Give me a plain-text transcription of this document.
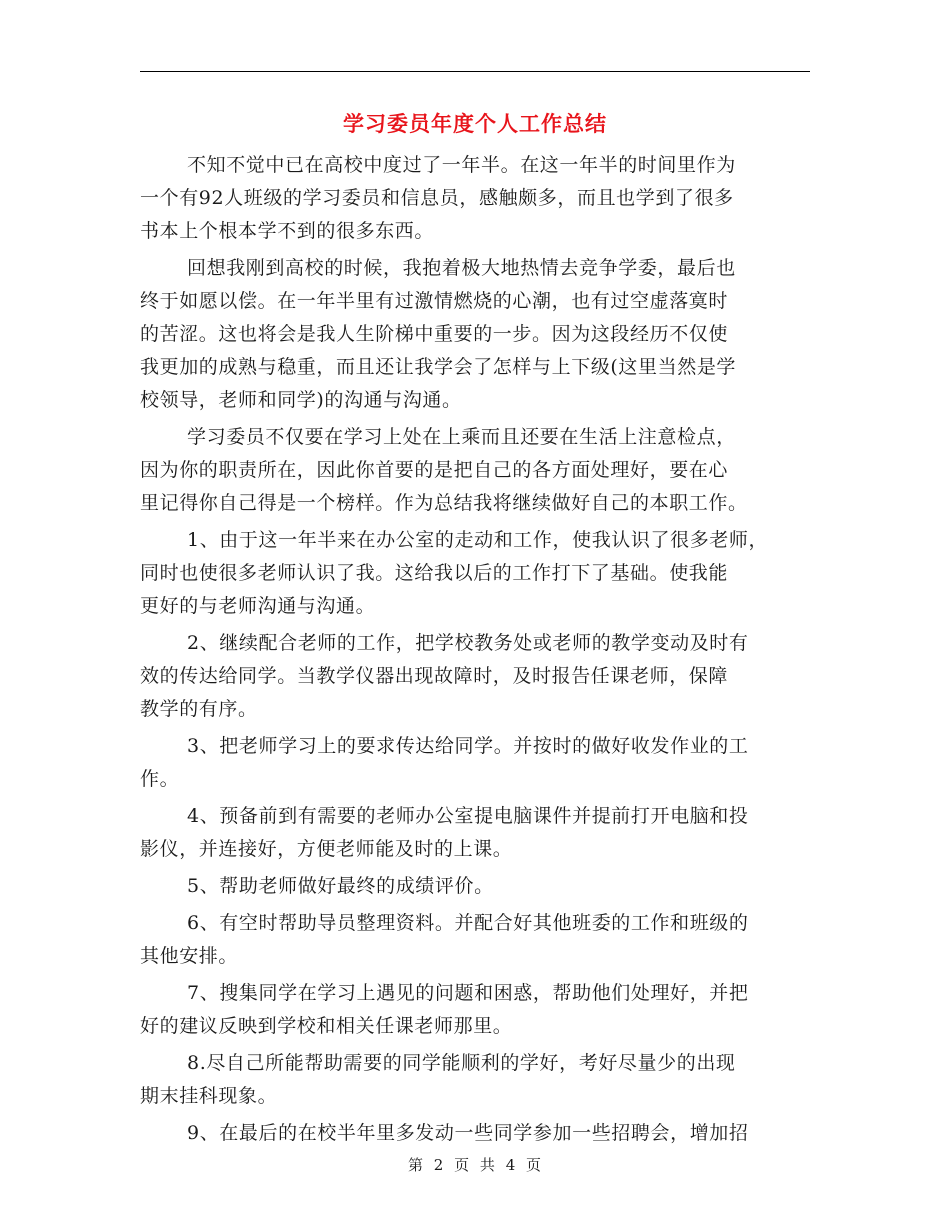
学习委员年度个人工作总结

不知不觉中已在高校中度过了一年半。在这一年半的时间里作为
一个有92人班级的学习委员和信息员，感触颇多，而且也学到了很多
书本上个根本学不到的很多东西。

回想我刚到高校的时候，我抱着极大地热情去竞争学委，最后也
终于如愿以偿。在一年半里有过激情燃烧的心潮，也有过空虚落寞时
的苦涩。这也将会是我人生阶梯中重要的一步。因为这段经历不仅使
我更加的成熟与稳重，而且还让我学会了怎样与上下级(这里当然是学
校领导，老师和同学)的沟通与沟通。

学习委员不仅要在学习上处在上乘而且还要在生活上注意检点，
因为你的职责所在，因此你首要的是把自己的各方面处理好，要在心
里记得你自己得是一个榜样。作为总结我将继续做好自己的本职工作。

1、由于这一年半来在办公室的走动和工作，使我认识了很多老师，
同时也使很多老师认识了我。这给我以后的工作打下了基础。使我能
更好的与老师沟通与沟通。

2、继续配合老师的工作，把学校教务处或老师的教学变动及时有
效的传达给同学。当教学仪器出现故障时，及时报告任课老师，保障
教学的有序。

3、把老师学习上的要求传达给同学。并按时的做好收发作业的工
作。

4、预备前到有需要的老师办公室提电脑课件并提前打开电脑和投
影仪，并连接好，方便老师能及时的上课。

5、帮助老师做好最终的成绩评价。

6、有空时帮助导员整理资料。并配合好其他班委的工作和班级的
其他安排。

7、搜集同学在学习上遇见的问题和困惑，帮助他们处理好，并把
好的建议反映到学校和相关任课老师那里。

8.尽自己所能帮助需要的同学能顺利的学好，考好尽量少的出现
期末挂科现象。

9、在最后的在校半年里多发动一些同学参加一些招聘会，增加招

第 2 页 共 4 页
